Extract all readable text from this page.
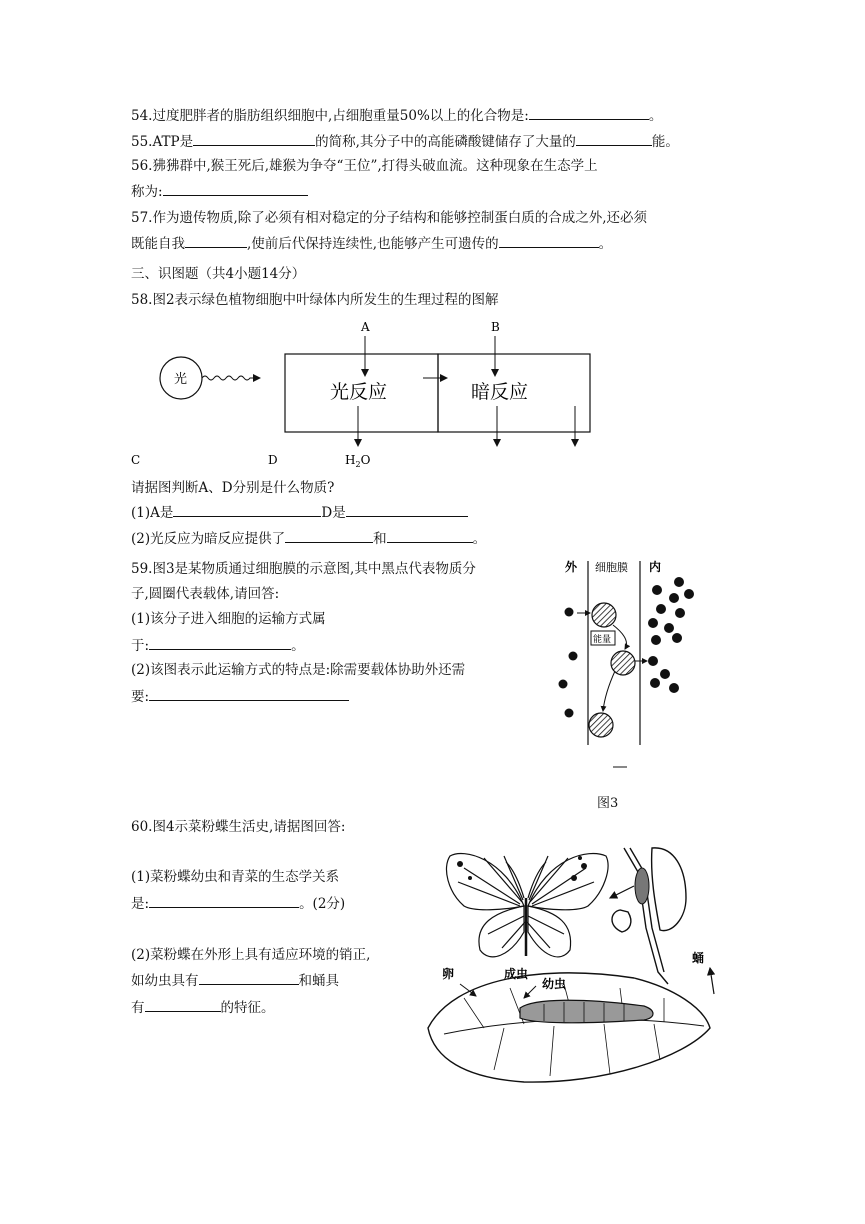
54.过度肥胖者的脂肪组织细胞中,占细胞重量50%以上的化合物是:	。
55.ATP是	的简称,其分子中的高能磷酸键储存了大量的	能。
56.狒狒群中,猴王死后,雄猴为争夺“王位”,打得头破血流。这种现象在生态学上
称为:
57.作为遗传物质,除了必须有相对稳定的分子结构和能够控制蛋白质的合成之外,还必须
既能自我	,使前后代保持连续性,也能够产生可遗传的	。
三、识图题（共4小题14分）
58.图2表示绿色植物细胞中叶绿体内所发生的生理过程的图解
光
光反应	暗反应
A	B
C	D	$H_2O$
请据图判断A、D分别是什么物质?
(1)A是	D是
(2)光反应为暗反应提供了	和	。
59.图3是某物质通过细胞膜的示意图,其中黑点代表物质分
子,圆圈代表载体,请回答:
(1)该分子进入细胞的运输方式属
于:	。
(2)该图表示此运输方式的特点是:除需要载体协助外还需
要:
外 细胞膜 内
能量
图3
60.图4示菜粉蝶生活史,请据图回答:
(1)菜粉蝶幼虫和青菜的生态学关系
是:	。(2分)
(2)菜粉蝶在外形上具有适应环境的销正,
如幼虫具有	和蛹具
有	的特征。
成虫
蛹
卵
幼虫
